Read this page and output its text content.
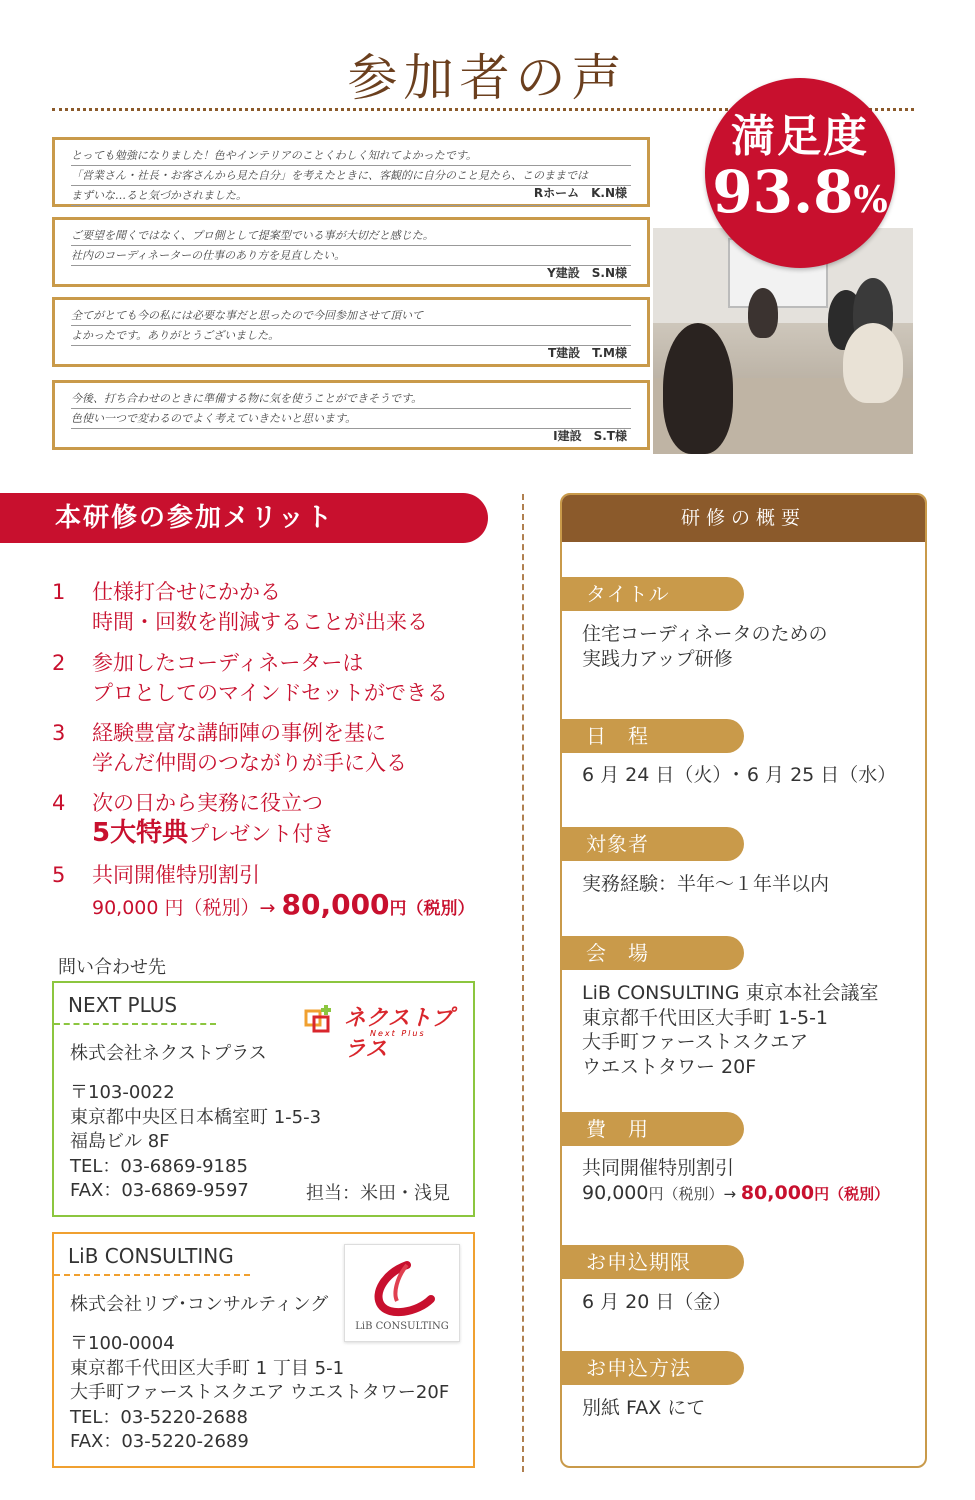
参加者の声
とっても勉強になりました！色やインテリアのことくわしく知れてよかったです。
「営業さん・社長・お客さんから見た自分」を考えたときに、客観的に自分のこと見たら、このままでは
まずいな…ると気づかされました。	Rホーム　K.N様
ご要望を聞くではなく、プロ側として提案型でいる事が大切だと感じた。
社内のコーディネーターの仕事のあり方を見直したい。
Y建設　S.N様
全てがとても今の私には必要な事だと思ったので今回参加させて頂いて
よかったです。ありがとうございました。
T建設　T.M様
今後、打ち合わせのときに準備する物に気を使うことができそうです。
色使い一つで変わるのでよく考えていきたいと思います。
I建設　S.T様
満足度
93.8%
本研修の参加メリット
1	仕様打合せにかかる
時間・回数を削減することが出来る
2	参加したコーディネーターは
プロとしてのマインドセットができる
3	経験豊富な講師陣の事例を基に
学んだ仲間のつながりが手に入る
4	次の日から実務に役立つ
5大特典プレゼント付き
5	共同開催特別割引
90,000 円（税別）→ 80,000円（税別）
問い合わせ先
NEXT PLUS
ネクストプラス
Next Plus
株式会社ネクストプラス
〒103-0022
東京都中央区日本橋室町 1-5-3
福島ビル 8F
TEL：03-6869-9185
FAX：03-6869-9597	担当：米田・浅見
LiB CONSULTING
LiB CONSULTING
株式会社リブ･コンサルティング
〒100-0004
東京都千代田区大手町 1 丁目 5-1
大手町ファーストスクエア ウエストタワー20F
TEL：03-5220-2688
FAX：03-5220-2689
研修の概要
タイトル
住宅コーディネータのための
実践力アップ研修
日　程
6 月 24 日（火）･ 6 月 25 日（水）
対象者
実務経験：半年〜１年半以内
会　場
LiB CONSULTING 東京本社会議室
東京都千代田区大手町 1-5-1
大手町ファーストスクエア
ウエストタワー 20F
費　用
共同開催特別割引
90,000円（税別）→ 80,000円（税別）
お申込期限
6 月 20 日（金）
お申込方法
別紙 FAX にて
